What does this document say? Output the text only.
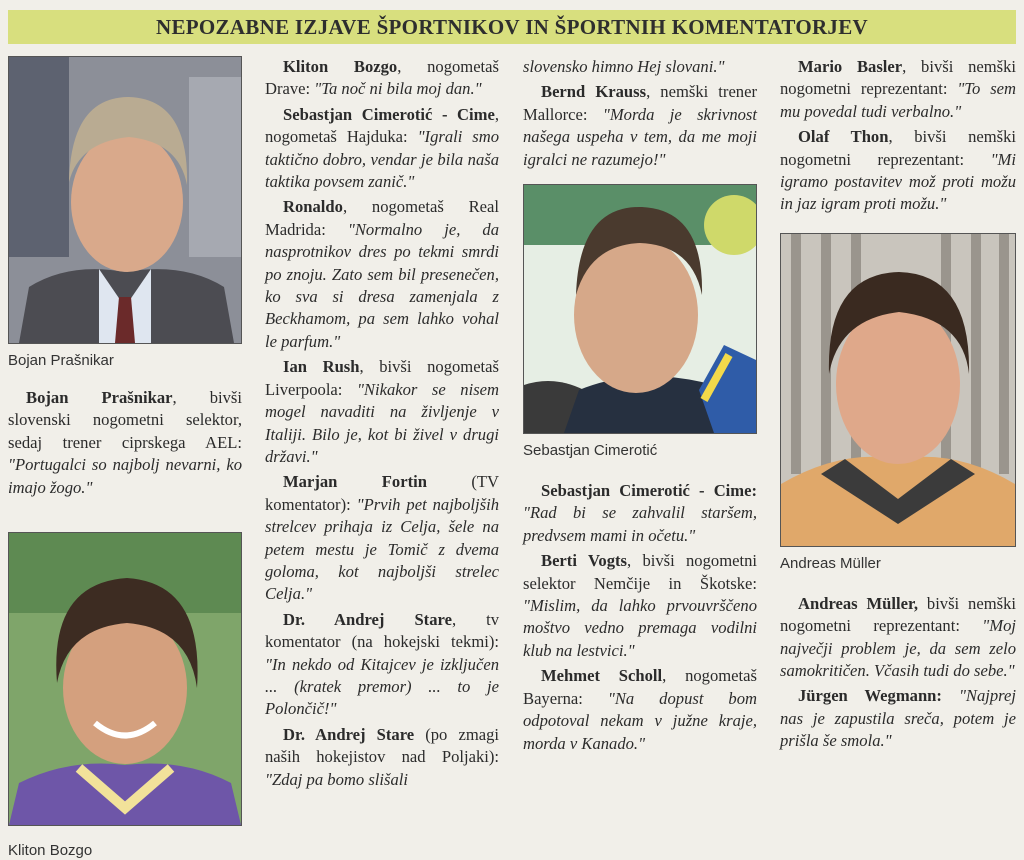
NEPOZABNE IZJAVE ŠPORTNIKOV IN ŠPORTNIH KOMENTATORJEV

Bojan Prašnikar

Bojan Prašnikar, bivši slovenski nogometni selektor, sedaj trener ciprskega AEL: "Portugalci so najbolj nevarni, ko imajo žogo."

Kliton Bozgo

Kliton Bozgo, nogometaš Drave: "Ta noč ni bila moj dan."

Sebastjan Cimerotić - Cime, nogometaš Hajduka: "Igrali smo taktično dobro, vendar je bila naša taktika povsem zanič."

Ronaldo, nogometaš Real Madrida: "Normalno je, da nasprotnikov dres po tekmi smrdi po znoju. Zato sem bil presenečen, ko sva si dresa zamenjala z Beckhamom, pa sem lahko vohal le parfum."

Ian Rush, bivši nogometaš Liverpoola: "Nikakor se nisem mogel navaditi na življenje v Italiji. Bilo je, kot bi živel v drugi državi."

Marjan Fortin (TV komentator): "Prvih pet najboljših strelcev prihaja iz Celja, šele na petem mestu je Tomič z dvema goloma, kot najboljši strelec Celja."

Dr. Andrej Stare, tv komentator (na hokejski tekmi): "In nekdo od Kitajcev je izključen ... (kratek premor) ... to je Polončič!"

Dr. Andrej Stare (po zmagi naših hokejistov nad Poljaki): "Zdaj pa bomo slišali

slovensko himno Hej slovani."

Bernd Krauss, nemški trener Mallorce: "Morda je skrivnost našega uspeha v tem, da me moji igralci ne razumejo!"

Sebastjan Cimerotić

Sebastjan Cimerotić - Cime: "Rad bi se zahvalil staršem, predvsem mami in očetu."

Berti Vogts, bivši nogometni selektor Nemčije in Škotske: "Mislim, da lahko prvouvrščeno moštvo vedno premaga vodilni klub na lestvici."

Mehmet Scholl, nogometaš Bayerna: "Na dopust bom odpotoval nekam v južne kraje, morda v Kanado."

Mario Basler, bivši nemški nogometni reprezentant: "To sem mu povedal tudi verbalno."

Olaf Thon, bivši nemški nogometni reprezentant: "Mi igramo postavitev mož proti možu in jaz igram proti možu."

Andreas Müller

Andreas Müller, bivši nemški nogometni reprezentant: "Moj največji problem je, da sem zelo samokritičen. Včasih tudi do sebe."

Jürgen Wegmann: "Najprej nas je zapustila sreča, potem je prišla še smola."
